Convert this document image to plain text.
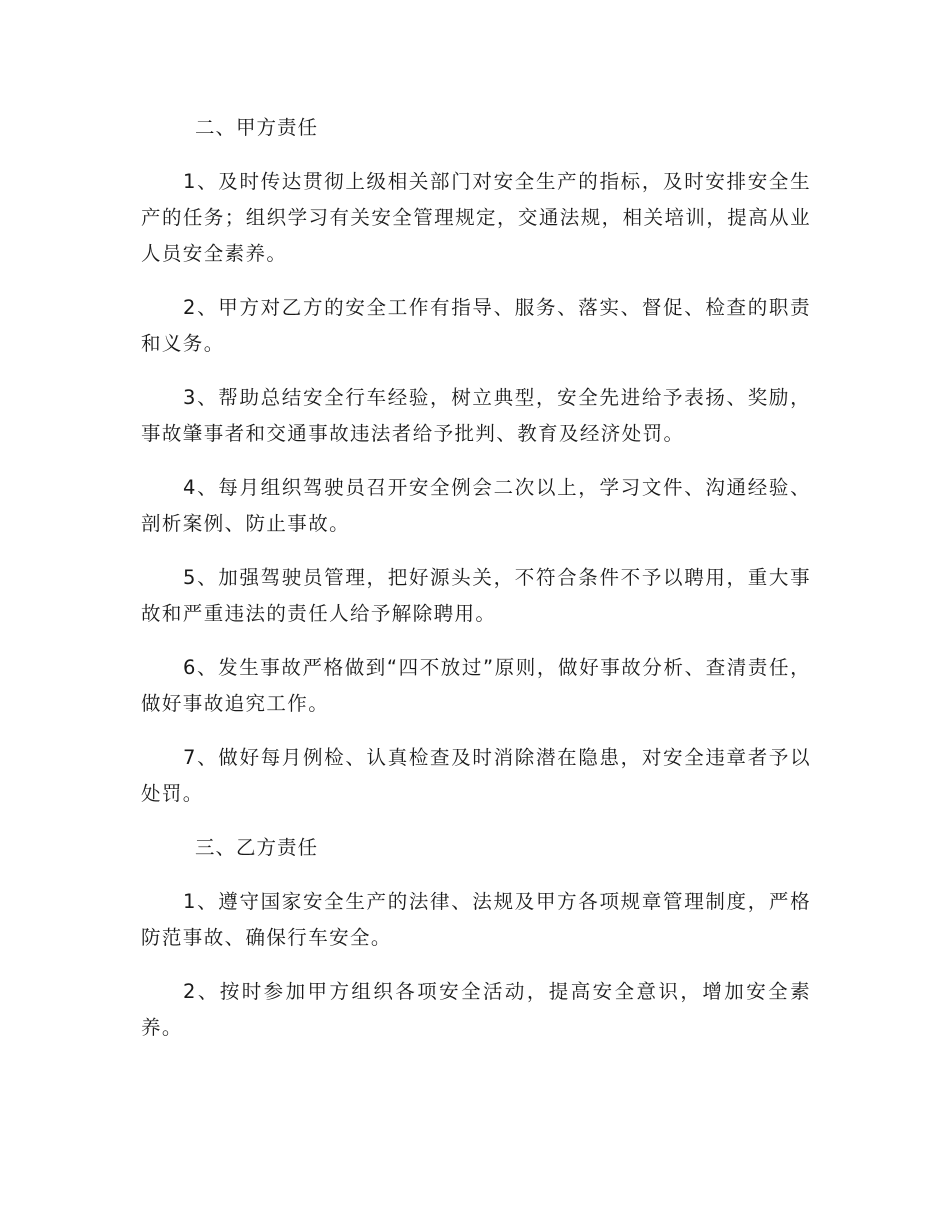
二、甲方责任

1、及时传达贯彻上级相关部门对安全生产的指标，及时安排安全生产的任务；组织学习有关安全管理规定，交通法规，相关培训，提高从业人员安全素养。

2、甲方对乙方的安全工作有指导、服务、落实、督促、检查的职责和义务。

3、帮助总结安全行车经验，树立典型，安全先进给予表扬、奖励，事故肇事者和交通事故违法者给予批判、教育及经济处罚。

4、每月组织驾驶员召开安全例会二次以上，学习文件、沟通经验、剖析案例、防止事故。

5、加强驾驶员管理，把好源头关，不符合条件不予以聘用，重大事故和严重违法的责任人给予解除聘用。

6、发生事故严格做到“四不放过”原则，做好事故分析、查清责任，做好事故追究工作。

7、做好每月例检、认真检查及时消除潜在隐患，对安全违章者予以处罚。

三、乙方责任

1、遵守国家安全生产的法律、法规及甲方各项规章管理制度，严格防范事故、确保行车安全。

2、按时参加甲方组织各项安全活动，提高安全意识，增加安全素养。
